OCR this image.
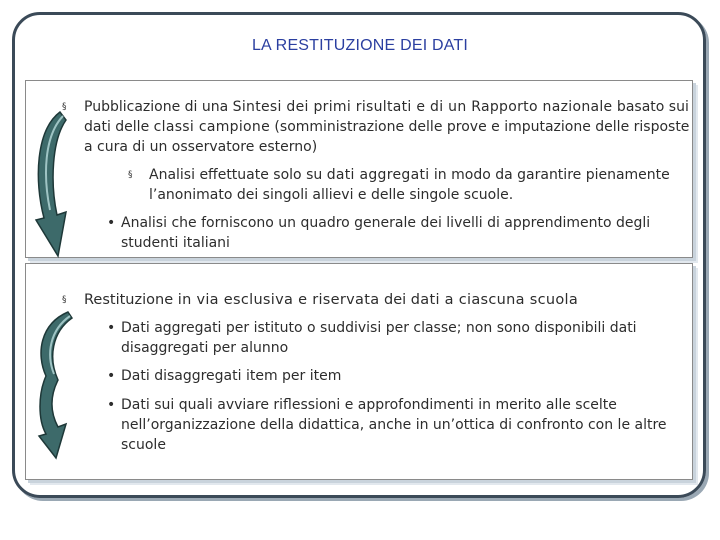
LA RESTITUZIONE DEI DATI
§	Pubblicazione di una Sintesi dei primi risultati e di un Rapporto nazionale basato sui dati delle classi campione (somministrazione delle prove e imputazione delle risposte a cura di un osservatore esterno)
§	Analisi effettuate solo su dati aggregati in modo da garantire pienamente l’anonimato dei singoli allievi e delle singole scuole.
• Analisi che forniscono un quadro generale dei livelli di apprendimento degli studenti italiani
§	Restituzione in via esclusiva e riservata dei dati a ciascuna scuola
• Dati aggregati per istituto o suddivisi per classe; non sono disponibili dati disaggregati per alunno
• Dati disaggregati item per item
• Dati sui quali avviare riflessioni e approfondimenti in merito alle scelte nell’organizzazione della didattica, anche in un’ottica di confronto con le altre scuole
